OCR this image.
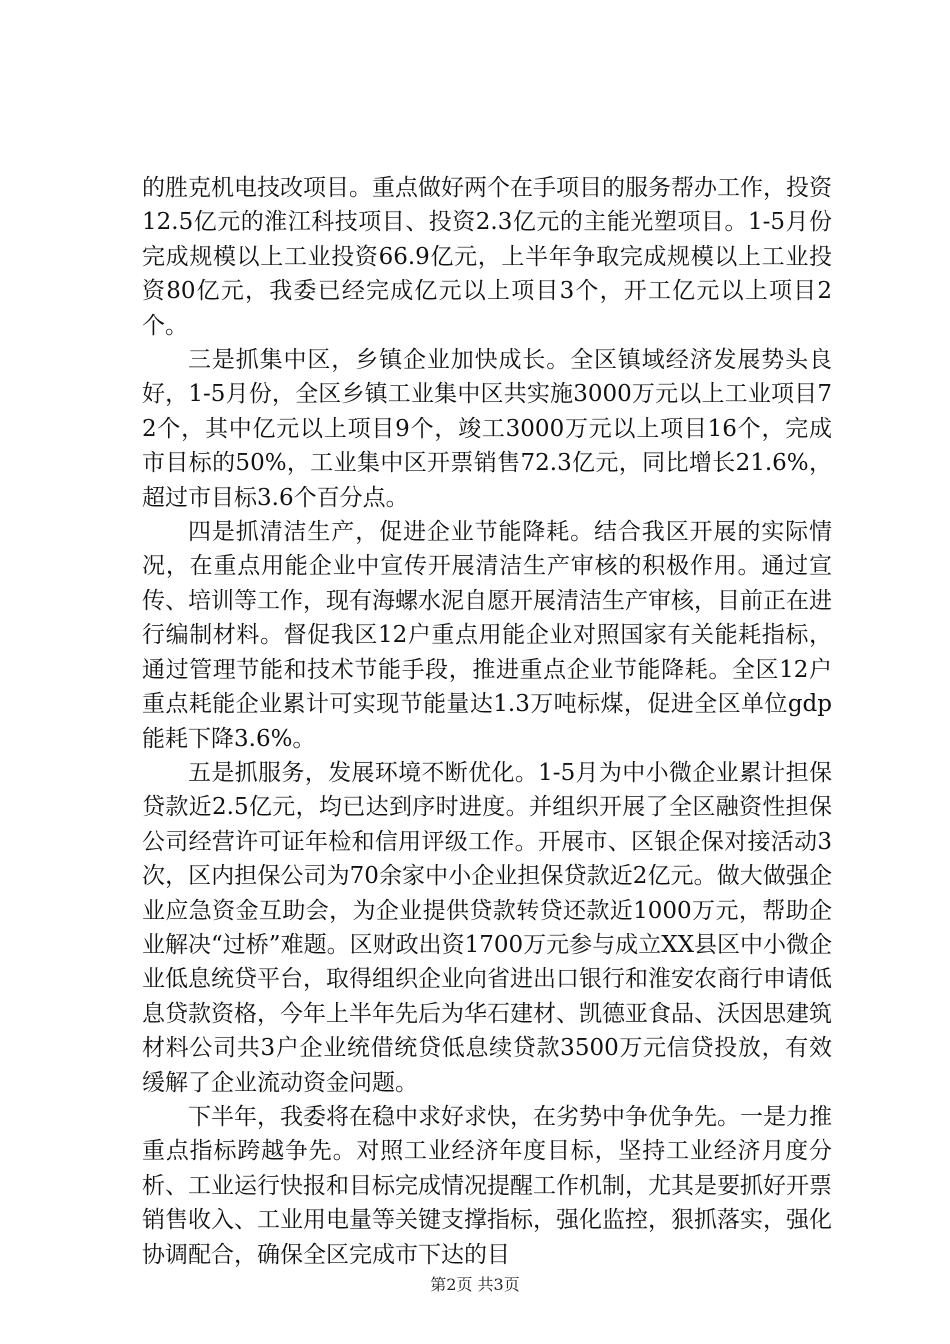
的胜克机电技改项目。重点做好两个在手项目的服务帮办工作，投资12.5亿元的淮江科技项目、投资2.3亿元的主能光塑项目。1-5月份完成规模以上工业投资66.9亿元，上半年争取完成规模以上工业投资80亿元，我委已经完成亿元以上项目3个，开工亿元以上项目2个。

三是抓集中区，乡镇企业加快成长。全区镇域经济发展势头良好，1-5月份，全区乡镇工业集中区共实施3000万元以上工业项目72个，其中亿元以上项目9个，竣工3000万元以上项目16个，完成市目标的50%，工业集中区开票销售72.3亿元，同比增长21.6%，超过市目标3.6个百分点。

四是抓清洁生产，促进企业节能降耗。结合我区开展的实际情况，在重点用能企业中宣传开展清洁生产审核的积极作用。通过宣传、培训等工作，现有海螺水泥自愿开展清洁生产审核，目前正在进行编制材料。督促我区12户重点用能企业对照国家有关能耗指标，通过管理节能和技术节能手段，推进重点企业节能降耗。全区12户重点耗能企业累计可实现节能量达1.3万吨标煤，促进全区单位gdp能耗下降3.6%。

五是抓服务，发展环境不断优化。1-5月为中小微企业累计担保贷款近2.5亿元，均已达到序时进度。并组织开展了全区融资性担保公司经营许可证年检和信用评级工作。开展市、区银企保对接活动3次，区内担保公司为70余家中小企业担保贷款近2亿元。做大做强企业应急资金互助会，为企业提供贷款转贷还款近1000万元，帮助企业解决“过桥”难题。区财政出资1700万元参与成立XX县区中小微企业低息统贷平台，取得组织企业向省进出口银行和淮安农商行申请低息贷款资格，今年上半年先后为华石建材、凯德亚食品、沃因思建筑材料公司共3户企业统借统贷低息续贷款3500万元信贷投放，有效缓解了企业流动资金问题。

下半年，我委将在稳中求好求快，在劣势中争优争先。一是力推重点指标跨越争先。对照工业经济年度目标，坚持工业经济月度分析、工业运行快报和目标完成情况提醒工作机制，尤其是要抓好开票销售收入、工业用电量等关键支撑指标，强化监控，狠抓落实，强化协调配合，确保全区完成市下达的目

第2页 共3页
